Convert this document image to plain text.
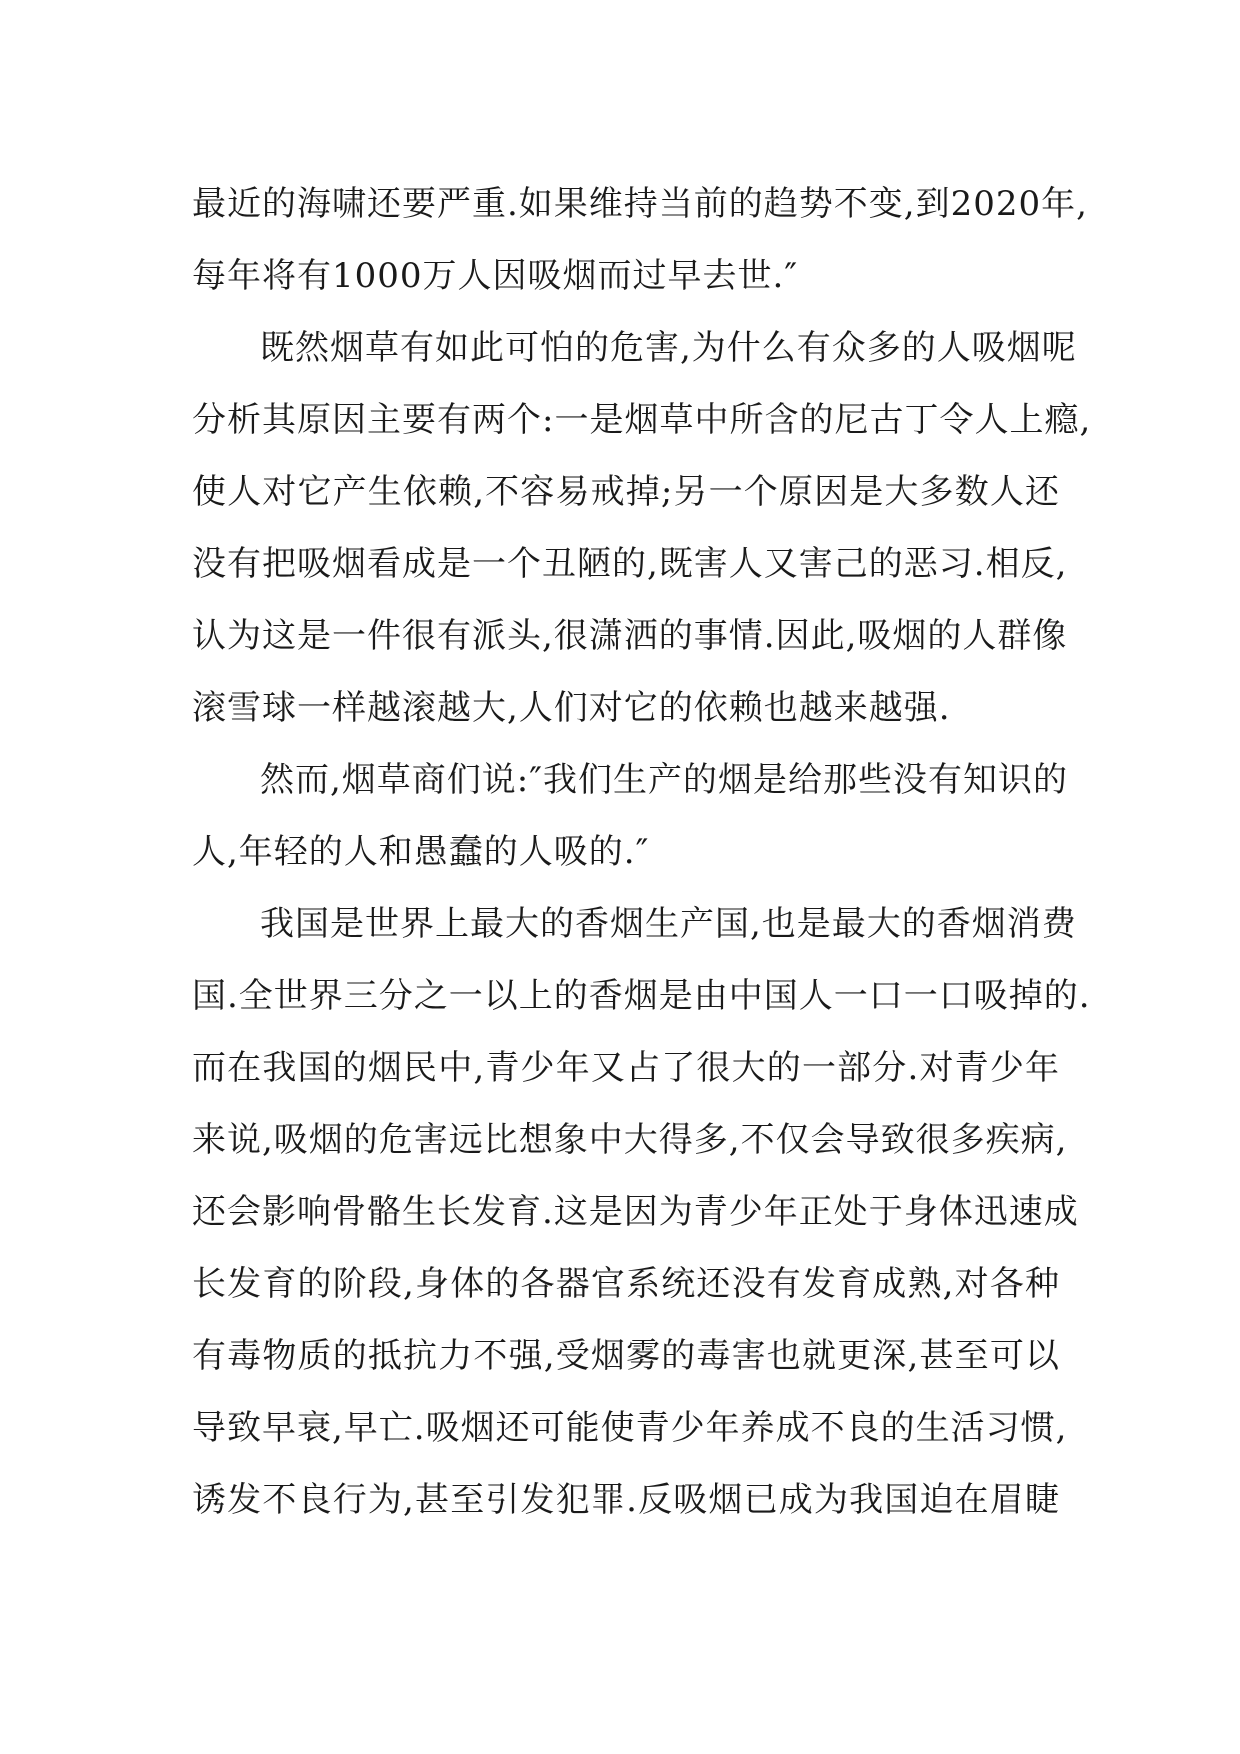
最近的海啸还要严重.如果维持当前的趋势不变,到2020年,
每年将有1000万人因吸烟而过早去世.″
既然烟草有如此可怕的危害,为什么有众多的人吸烟呢
分析其原因主要有两个:一是烟草中所含的尼古丁令人上瘾,
使人对它产生依赖,不容易戒掉;另一个原因是大多数人还
没有把吸烟看成是一个丑陋的,既害人又害己的恶习.相反,
认为这是一件很有派头,很潇洒的事情.因此,吸烟的人群像
滚雪球一样越滚越大,人们对它的依赖也越来越强.
然而,烟草商们说:″我们生产的烟是给那些没有知识的
人,年轻的人和愚蠢的人吸的.″
我国是世界上最大的香烟生产国,也是最大的香烟消费
国.全世界三分之一以上的香烟是由中国人一口一口吸掉的.
而在我国的烟民中,青少年又占了很大的一部分.对青少年
来说,吸烟的危害远比想象中大得多,不仅会导致很多疾病,
还会影响骨骼生长发育.这是因为青少年正处于身体迅速成
长发育的阶段,身体的各器官系统还没有发育成熟,对各种
有毒物质的抵抗力不强,受烟雾的毒害也就更深,甚至可以
导致早衰,早亡.吸烟还可能使青少年养成不良的生活习惯,
诱发不良行为,甚至引发犯罪.反吸烟已成为我国迫在眉睫
